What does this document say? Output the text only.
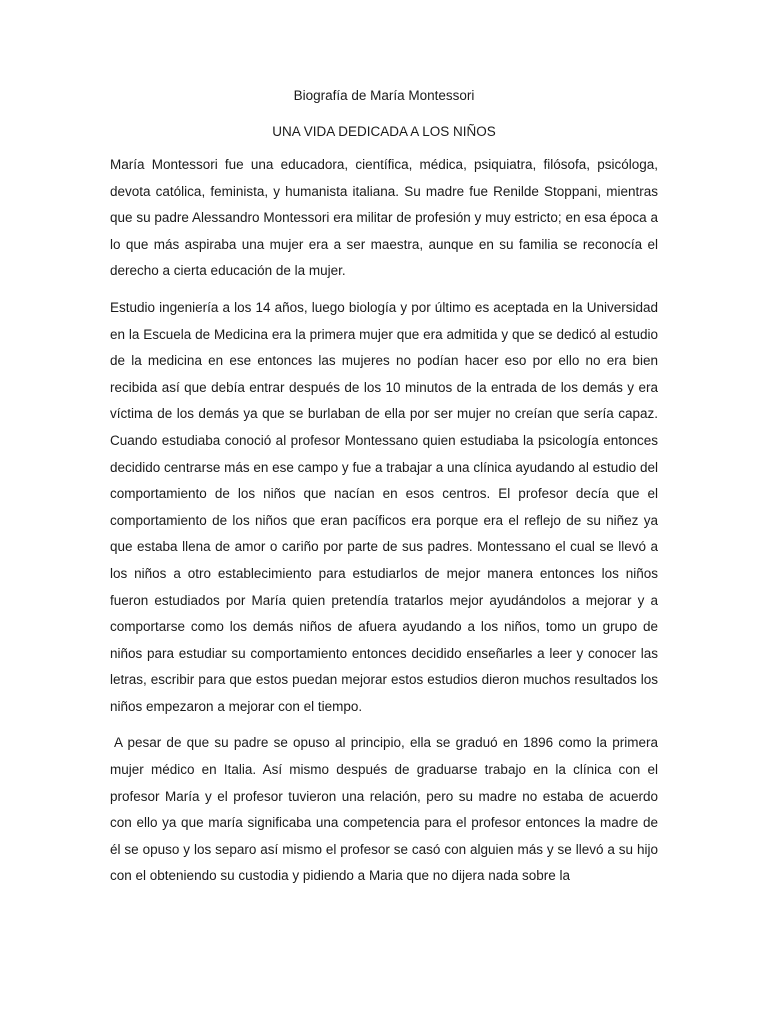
Biografía de María Montessori

UNA VIDA DEDICADA A LOS NIÑOS

María Montessori fue una educadora, científica, médica, psiquiatra, filósofa, psicóloga, devota católica, feminista, y humanista italiana. Su madre fue Renilde Stoppani, mientras que su padre Alessandro Montessori era militar de profesión y muy estricto; en esa época a lo que más aspiraba una mujer era a ser maestra, aunque en su familia se reconocía el derecho a cierta educación de la mujer.

Estudio ingeniería a los 14 años, luego biología y por último es aceptada en la Universidad en la Escuela de Medicina era la primera mujer que era admitida y que se dedicó al estudio de la medicina en ese entonces las mujeres no podían hacer eso por ello no era bien recibida así que debía entrar después de los 10 minutos de la entrada de los demás y era víctima de los demás ya que se burlaban de ella por ser mujer no creían que sería capaz. Cuando estudiaba conoció al profesor Montessano quien estudiaba la psicología entonces decidido centrarse más en ese campo y fue a trabajar a una clínica ayudando al estudio del comportamiento de los niños que nacían en esos centros. El profesor decía que el comportamiento de los niños que eran pacíficos era porque era el reflejo de su niñez ya que estaba llena de amor o cariño por parte de sus padres. Montessano el cual se llevó a los niños a otro establecimiento para estudiarlos de mejor manera entonces los niños fueron estudiados por María quien pretendía tratarlos mejor ayudándolos a mejorar y a comportarse como los demás niños de afuera ayudando a los niños, tomo un grupo de niños para estudiar su comportamiento entonces decidido enseñarles a leer y conocer las letras, escribir para que estos puedan mejorar estos estudios dieron muchos resultados los niños empezaron a mejorar con el tiempo.

A pesar de que su padre se opuso al principio, ella se graduó en 1896 como la primera mujer médico en Italia. Así mismo después de graduarse trabajo en la clínica con el profesor María y el profesor tuvieron una relación, pero su madre no estaba de acuerdo con ello ya que maría significaba una competencia para el profesor entonces la madre de él se opuso y los separo así mismo el profesor se casó con alguien más y se llevó a su hijo con el obteniendo su custodia y pidiendo a Maria que no dijera nada sobre la
